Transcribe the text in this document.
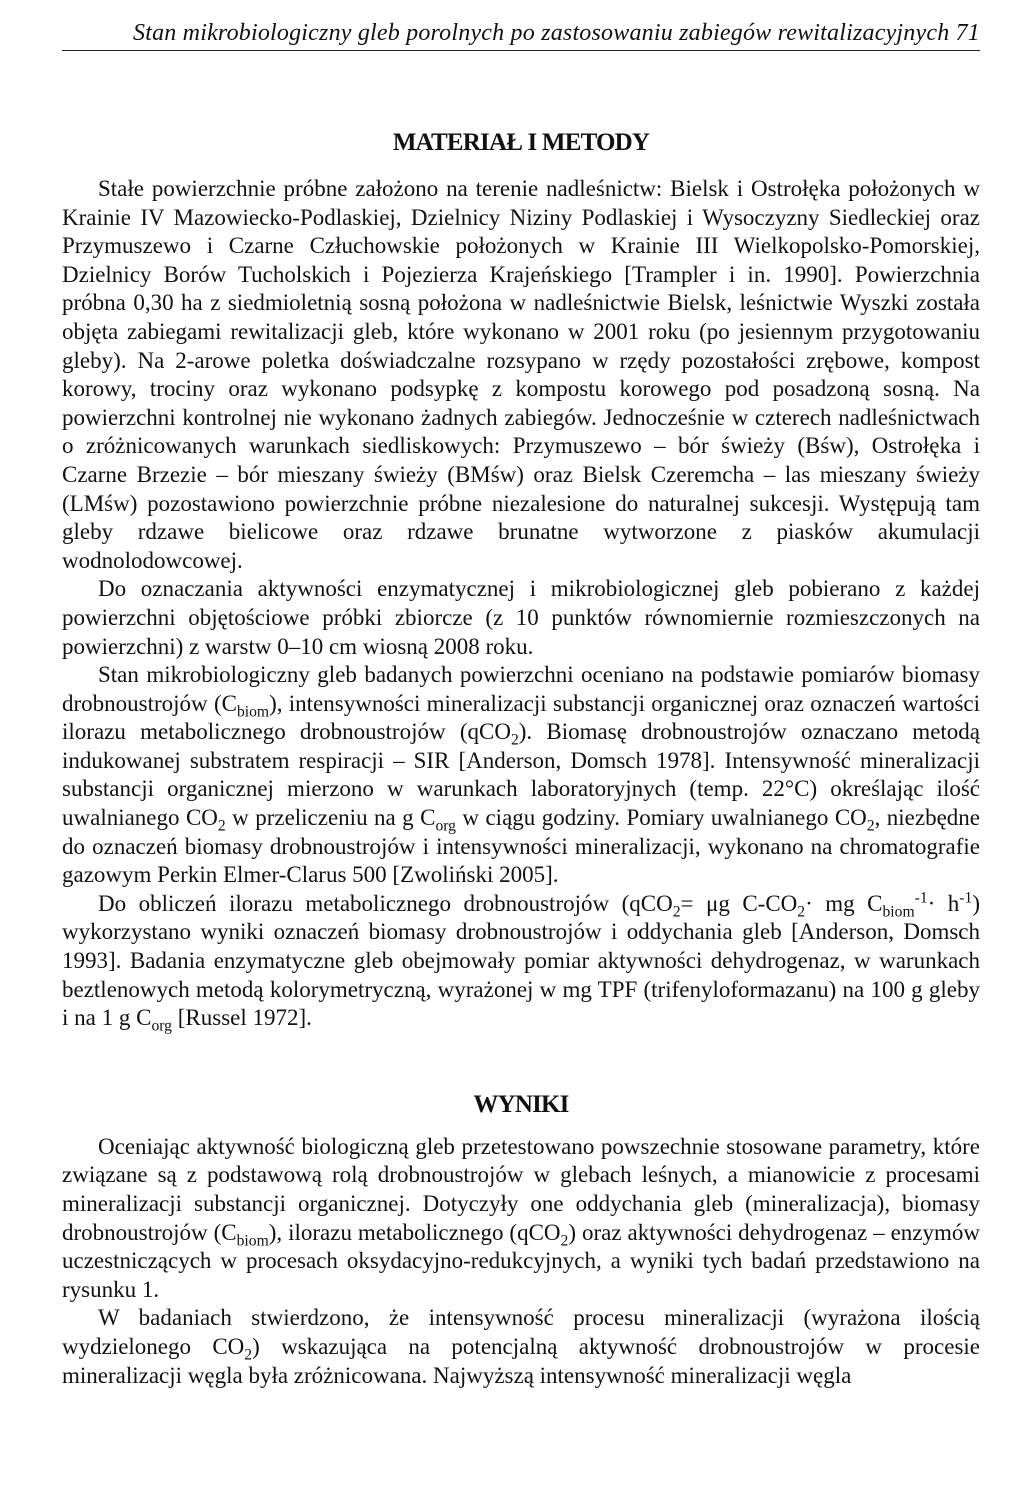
Stan mikrobiologiczny gleb porolnych po zastosowaniu zabiegów rewitalizacyjnych 71
MATERIAŁ I METODY

Stałe powierzchnie próbne założono na terenie nadleśnictw: Bielsk i Ostrołęka położonych w Krainie IV Mazowiecko-Podlaskiej, Dzielnicy Niziny Podlaskiej i Wysoczyzny Siedleckiej oraz Przymuszewo i Czarne Człuchowskie położonych w Krainie III Wielkopolsko-Pomorskiej, Dzielnicy Borów Tucholskich i Pojezierza Krajeńskiego [Trampler i in. 1990]. Powierzchnia próbna 0,30 ha z siedmioletnią sosną położona w nadleśnictwie Bielsk, leśnictwie Wyszki została objęta zabiegami rewitalizacji gleb, które wykonano w 2001 roku (po jesiennym przygotowaniu gleby). Na 2-arowe poletka doświadczalne rozsypano w rzędy pozostałości zrębowe, kompost korowy, trociny oraz wykonano podsypkę z kompostu korowego pod posadzoną sosną. Na powierzchni kontrolnej nie wykonano żadnych zabiegów. Jednocześnie w czterech nadleśnictwach o zróżnicowanych warunkach siedliskowych: Przymuszewo – bór świeży (Bśw), Ostrołęka i Czarne Brzezie – bór mieszany świeży (BMśw) oraz Bielsk Czeremcha – las mieszany świeży (LMśw) pozostawiono powierzchnie próbne niezalesione do naturalnej sukcesji. Występują tam gleby rdzawe bielicowe oraz rdzawe brunatne wytworzone z piasków akumulacji wodnolodowcowej.

Do oznaczania aktywności enzymatycznej i mikrobiologicznej gleb pobierano z każdej powierzchni objętościowe próbki zbiorcze (z 10 punktów równomiernie rozmieszczonych na powierzchni) z warstw 0–10 cm wiosną 2008 roku.

Stan mikrobiologiczny gleb badanych powierzchni oceniano na podstawie pomiarów biomasy drobnoustrojów $(C_{biom})$, intensywności mineralizacji substancji organicznej oraz oznaczeń wartości ilorazu metabolicznego drobnoustrojów (qCO$_2$). Biomasę drobnoustrojów oznaczano metodą indukowanej substratem respiracji – SIR [Anderson, Domsch 1978]. Intensywność mineralizacji substancji organicznej mierzono w warunkach laboratoryjnych (temp. 22°C) określając ilość uwalnianego $CO_2$ w przeliczeniu na g $C_{org}$ w ciągu godziny. Pomiary uwalnianego $CO_2$, niezbędne do oznaczeń biomasy drobnoustrojów i intensywności mineralizacji, wykonano na chromatografie gazowym Perkin Elmer-Clarus 500 [Zwoliński 2005].

Do obliczeń ilorazu metabolicznego drobnoustrojów (qCO$_2$= μg $C-CO_2\cdot$ mg $C_{biom}^{-1}\cdot h^{-1}$) wykorzystano wyniki oznaczeń biomasy drobnoustrojów i oddychania gleb [Anderson, Domsch 1993]. Badania enzymatyczne gleb obejmowały pomiar aktywności dehydrogenaz, w warunkach beztlenowych metodą kolorymetryczną, wyrażonej w mg TPF (trifenyloformazanu) na 100 g gleby i na 1 g $C_{org}$ [Russel 1972].

WYNIKI

Oceniając aktywność biologiczną gleb przetestowano powszechnie stosowane parametry, które związane są z podstawową rolą drobnoustrojów w glebach leśnych, a mianowicie z procesami mineralizacji substancji organicznej. Dotyczyły one oddychania gleb (mineralizacja), biomasy drobnoustrojów $(C_{biom})$, ilorazu metabolicznego (qCO$_2$) oraz aktywności dehydrogenaz – enzymów uczestniczących w procesach oksydacyjno-redukcyjnych, a wyniki tych badań przedstawiono na rysunku 1.

W badaniach stwierdzono, że intensywność procesu mineralizacji (wyrażona ilością wydzielonego $CO_2$) wskazująca na potencjalną aktywność drobnoustrojów w procesie mineralizacji węgla była zróżnicowana. Najwyższą intensywność mineralizacji węgla
